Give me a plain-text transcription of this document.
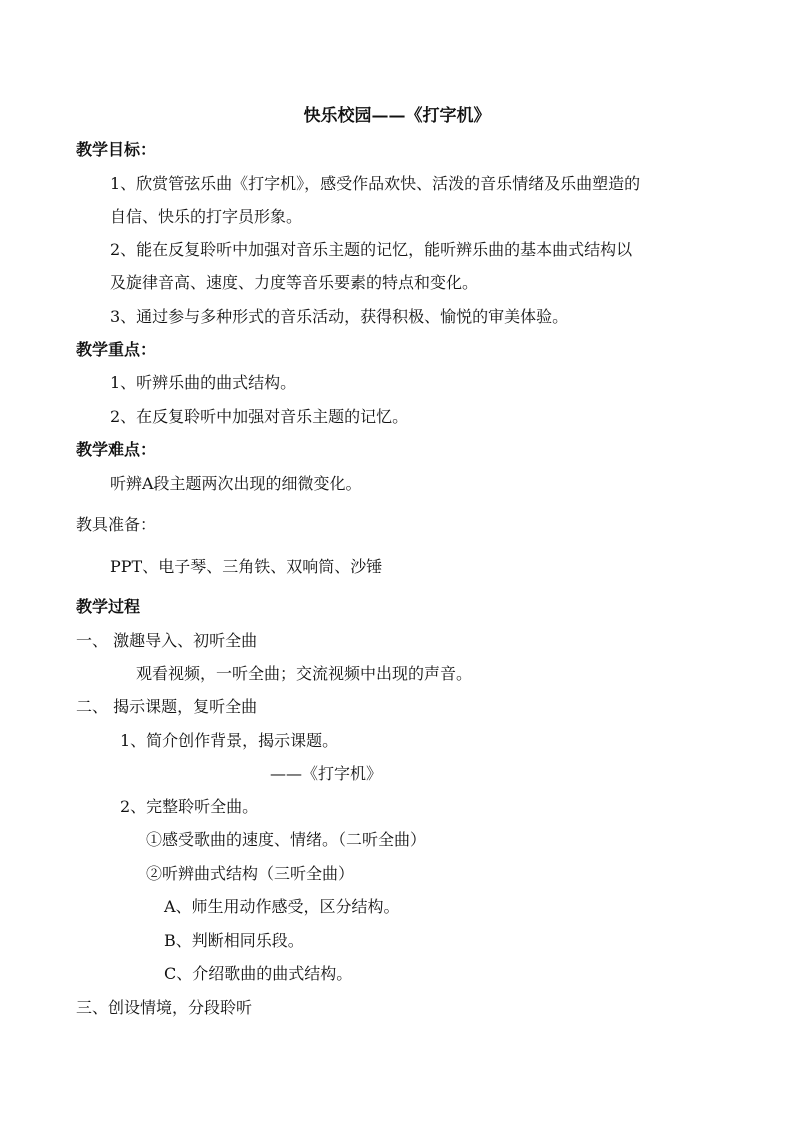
快乐校园——《打字机》
教学目标：
1、欣赏管弦乐曲《打字机》，感受作品欢快、活泼的音乐情绪及乐曲塑造的
自信、快乐的打字员形象。
2、能在反复聆听中加强对音乐主题的记忆，能听辨乐曲的基本曲式结构以
及旋律音高、速度、力度等音乐要素的特点和变化。
3、通过参与多种形式的音乐活动，获得积极、愉悦的审美体验。
教学重点：
1、听辨乐曲的曲式结构。
2、在反复聆听中加强对音乐主题的记忆。
教学难点：
听辨A段主题两次出现的细微变化。
教具准备：
PPT、电子琴、三角铁、双响筒、沙锤
教学过程
一、 激趣导入、初听全曲
观看视频，一听全曲；交流视频中出现的声音。
二、 揭示课题，复听全曲
1、简介创作背景，揭示课题。
——《打字机》
2、完整聆听全曲。
①感受歌曲的速度、情绪。（二听全曲）
②听辨曲式结构（三听全曲）
A、师生用动作感受，区分结构。
B、判断相同乐段。
C、介绍歌曲的曲式结构。
三、创设情境，分段聆听
